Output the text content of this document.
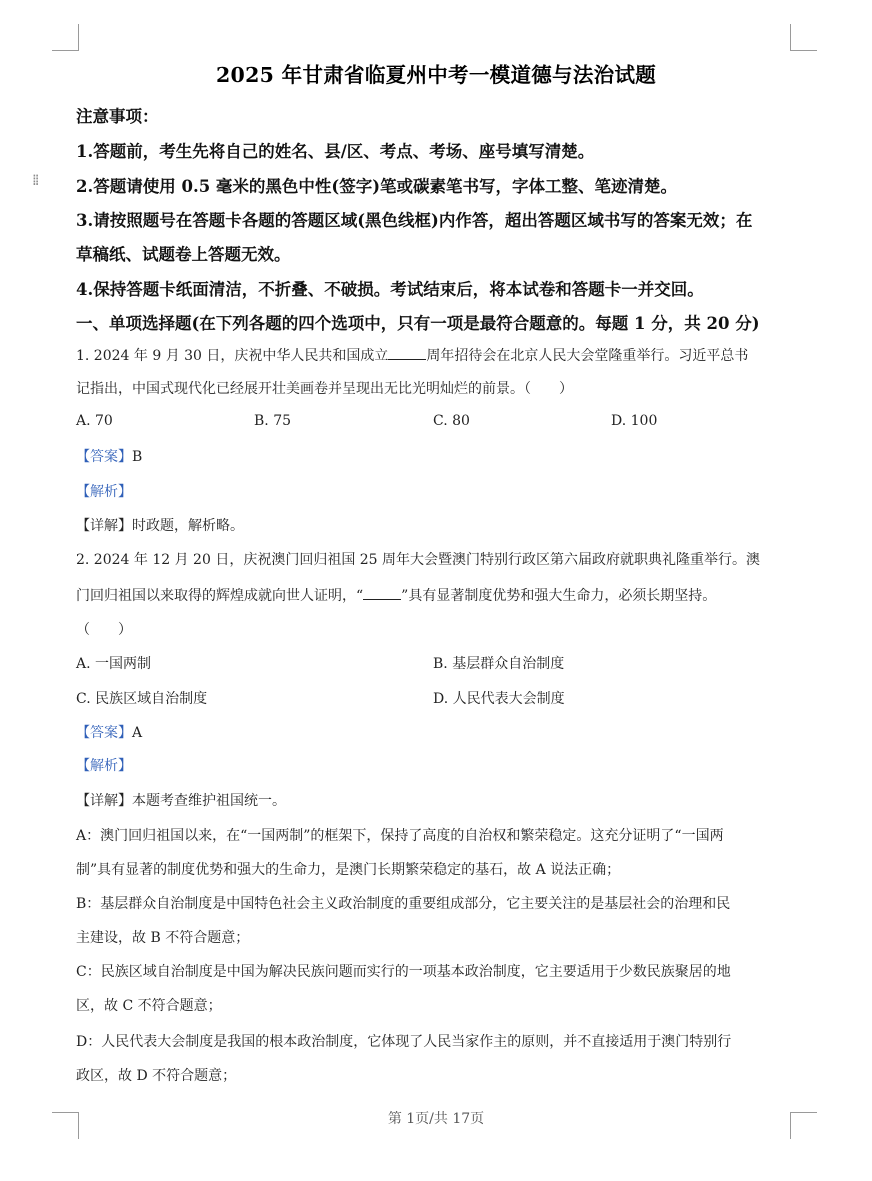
⁞⁞
2025 年甘肃省临夏州中考一模道德与法治试题
注意事项：
1.答题前，考生先将自己的姓名、县/区、考点、考场、座号填写清楚。
2.答题请使用 0.5 毫米的黑色中性(签字)笔或碳素笔书写，字体工整、笔迹清楚。
3.请按照题号在答题卡各题的答题区域(黑色线框)内作答，超出答题区域书写的答案无效；在
草稿纸、试题卷上答题无效。
4.保持答题卡纸面清洁，不折叠、不破损。考试结束后，将本试卷和答题卡一并交回。
一、单项选择题(在下列各题的四个选项中，只有一项是最符合题意的。每题 1 分，共 20 分)
1. 2024 年 9 月 30 日，庆祝中华人民共和国成立	周年招待会在北京人民大会堂隆重举行。习近平总书
记指出，中国式现代化已经展开壮美画卷并呈现出无比光明灿烂的前景。（　　）
A. 70	B. 75	C. 80	D. 100
【答案】B
【解析】
【详解】时政题，解析略。
2. 2024 年 12 月 20 日，庆祝澳门回归祖国 25 周年大会暨澳门特别行政区第六届政府就职典礼隆重举行。澳
门回归祖国以来取得的辉煌成就向世人证明，“	”具有显著制度优势和强大生命力，必须长期坚持。
（　　）
A. 一国两制	B. 基层群众自治制度
C. 民族区域自治制度	D. 人民代表大会制度
【答案】A
【解析】
【详解】本题考查维护祖国统一。
A：澳门回归祖国以来，在“一国两制”的框架下，保持了高度的自治权和繁荣稳定。这充分证明了“一国两
制”具有显著的制度优势和强大的生命力，是澳门长期繁荣稳定的基石，故 A 说法正确；
B：基层群众自治制度是中国特色社会主义政治制度的重要组成部分，它主要关注的是基层社会的治理和民
主建设，故 B 不符合题意；
C：民族区域自治制度是中国为解决民族问题而实行的一项基本政治制度，它主要适用于少数民族聚居的地
区，故 C 不符合题意；
D：人民代表大会制度是我国的根本政治制度，它体现了人民当家作主的原则，并不直接适用于澳门特别行
政区，故 D 不符合题意；
第 1页/共 17页
